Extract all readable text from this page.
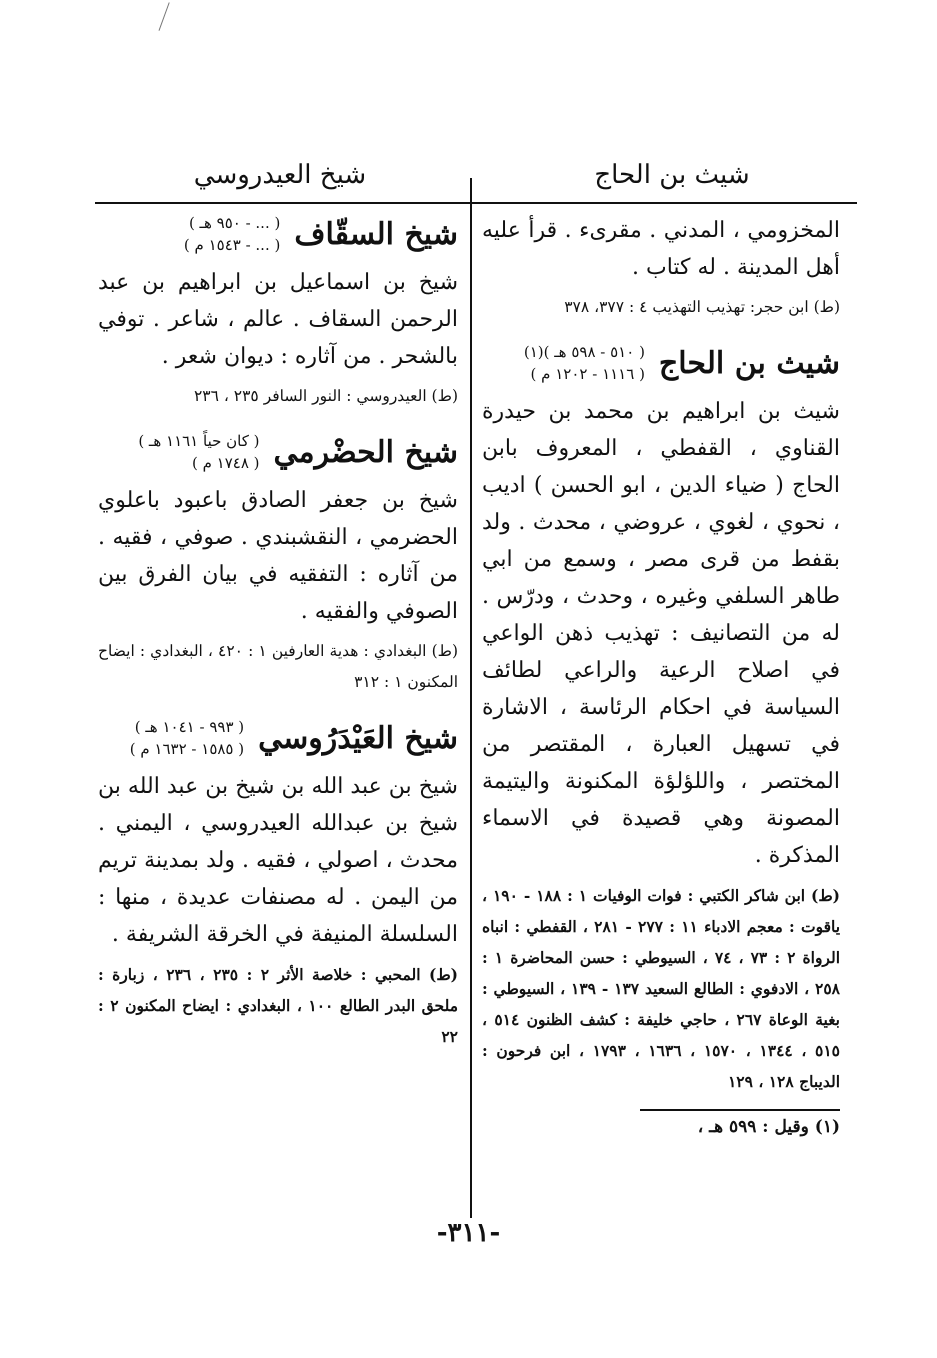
شيث بن الحاج
شيخ العيدروسي

المخزومي ، المدني . مقرىء . قرأ عليه أهل المدينة . له كتاب .

(ط) ابن حجر: تهذيب التهذيب ٤ : ٣٧٧، ٣٧٨

شيث بن الحاج
( ٥١٠ - ٥٩٨ هـ )(١)
( ١١١٦ - ١٢٠٢ م )

شيث بن ابراهيم بن محمد بن حيدرة القناوي ، القفطي ، المعروف بابن الحاج ( ضياء الدين ، ابو الحسن ) اديب ، نحوي ، لغوي ، عروضي ، محدث . ولد بقفط من قرى مصر ، وسمع من ابي طاهر السلفي وغيره ، وحدث ، ودرّس . له من التصانيف : تهذيب ذهن الواعي في اصلاح الرعية والراعي لطائف السياسة في احكام الرئاسة ، الاشارة في تسهيل العبارة ، المقتصر من المختصر ، واللؤلؤة المكنونة واليتيمة المصونة وهي قصيدة في الاسماء المذكرة .

(ط) ابن شاكر الكتبي : فوات الوفيات ١ : ١٨٨ - ١٩٠ ، ياقوت : معجم الادباء ١١ : ٢٧٧ - ٢٨١ ، القفطي : انباه الرواة ٢ : ٧٣ ، ٧٤ ، السيوطي : حسن المحاضرة ١ : ٢٥٨ ، الادفوي : الطالع السعيد ١٣٧ - ١٣٩ ، السيوطي : بغية الوعاة ٢٦٧ ، حاجي خليفة : كشف الظنون ٥١٤ ، ٥١٥ ، ١٣٤٤ ، ١٥٧٠ ، ١٦٣٦ ، ١٧٩٣ ، ابن فرحون : الديباج ١٢٨ ، ١٢٩

(١) وقيل : ٥٩٩ هـ ،

شيخ السقّاف
( ... - ٩٥٠ هـ )
( ... - ١٥٤٣ م )

شيخ بن اسماعيل بن ابراهيم بن عبد الرحمن السقاف . عالم ، شاعر . توفي بالشحر . من آثاره : ديوان شعر .

(ط) العيدروسي : النور السافر ٢٣٥ ، ٢٣٦

شيخ الحضْرمي
( كان حياً ١١٦١ هـ )
( ١٧٤٨ م )

شيخ بن جعفر الصادق باعبود باعلوي الحضرمي ، النقشبندي . صوفي ، فقيه . من آثاره : التفقيه في بيان الفرق بين الصوفي والفقيه .

(ط) البغدادي : هدية العارفين ١ : ٤٢٠ ، البغدادي : ايضاح المكنون ١ : ٣١٢

شيخ العَيْدَرُوسي
( ٩٩٣ - ١٠٤١ هـ )
( ١٥٨٥ - ١٦٣٢ م )

شيخ بن عبد الله بن شيخ بن عبد الله بن شيخ بن عبدالله العيدروسي ، اليمني . محدث ، اصولي ، فقيه . ولد بمدينة تريم من اليمن . له مصنفات عديدة ، منها : السلسلة المنيفة في الخرقة الشريفة .

(ط) المحبي : خلاصة الأثر ٢ : ٢٣٥ ، ٢٣٦ ، زبارة : ملحق البدر الطالع ١٠٠ ، البغدادي : ايضاح المكنون ٢ : ٢٢

-٣١١-
